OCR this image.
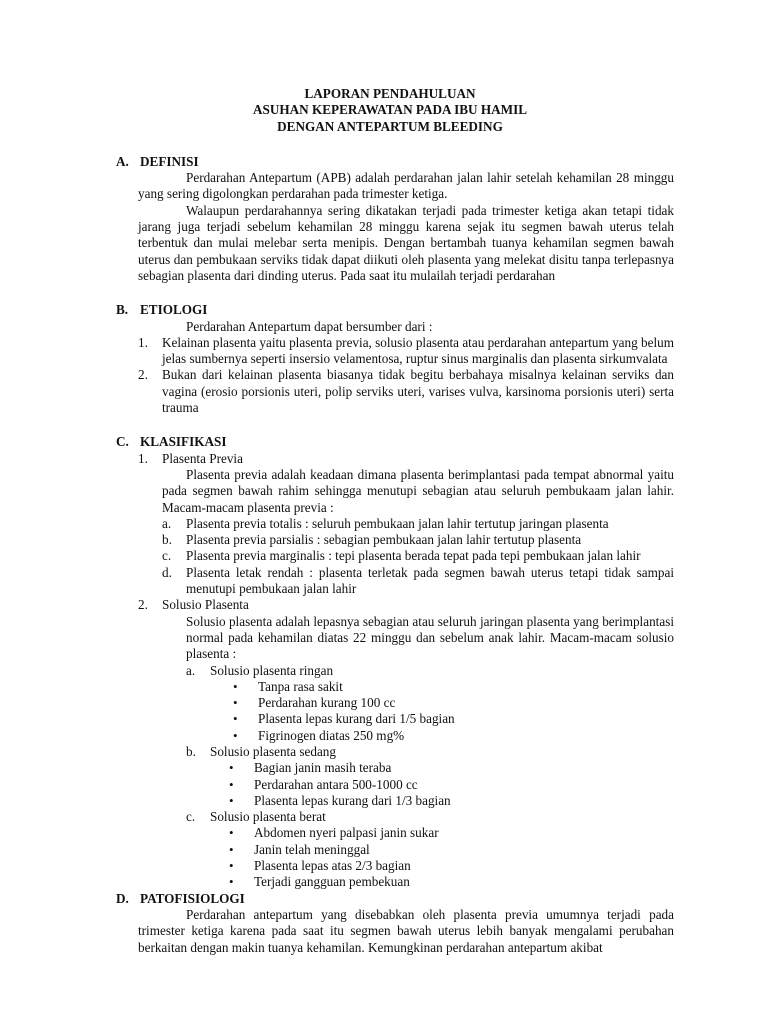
LAPORAN PENDAHULUAN
ASUHAN KEPERAWATAN PADA IBU HAMIL
DENGAN ANTEPARTUM BLEEDING
A. DEFINISI
Perdarahan Antepartum (APB) adalah perdarahan jalan lahir setelah kehamilan 28 minggu yang sering digolongkan perdarahan pada trimester ketiga.
Walaupun perdarahannya sering dikatakan terjadi pada trimester ketiga akan tetapi tidak jarang juga terjadi sebelum kehamilan 28 minggu karena sejak itu segmen bawah uterus telah terbentuk dan mulai melebar serta menipis. Dengan bertambah tuanya kehamilan segmen bawah uterus dan pembukaan serviks tidak dapat diikuti oleh plasenta yang melekat disitu tanpa terlepasnya sebagian plasenta dari dinding uterus. Pada saat itu mulailah terjadi perdarahan
B. ETIOLOGI
Perdarahan Antepartum dapat bersumber dari :
1. Kelainan plasenta yaitu plasenta previa, solusio plasenta atau perdarahan antepartum yang belum jelas sumbernya seperti insersio velamentosa, ruptur sinus marginalis dan plasenta sirkumvalata
2. Bukan dari kelainan plasenta biasanya tidak begitu berbahaya misalnya kelainan serviks dan vagina (erosio porsionis uteri, polip serviks uteri, varises vulva, karsinoma porsionis uteri) serta trauma
C. KLASIFIKASI
1. Plasenta Previa
Plasenta previa adalah keadaan dimana plasenta berimplantasi pada tempat abnormal yaitu pada segmen bawah rahim sehingga menutupi sebagian atau seluruh pembukaam jalan lahir. Macam-macam plasenta previa :
a. Plasenta previa totalis : seluruh pembukaan jalan lahir tertutup jaringan plasenta
b. Plasenta previa parsialis : sebagian pembukaan jalan lahir tertutup plasenta
c. Plasenta previa marginalis : tepi plasenta berada tepat pada tepi pembukaan jalan lahir
d. Plasenta letak rendah : plasenta terletak pada segmen bawah uterus tetapi tidak sampai menutupi pembukaan jalan lahir
2. Solusio Plasenta
Solusio plasenta adalah lepasnya sebagian atau seluruh jaringan plasenta yang berimplantasi normal pada kehamilan diatas 22 minggu dan sebelum anak lahir. Macam-macam solusio plasenta :
a. Solusio plasenta ringan
• Tanpa rasa sakit
• Perdarahan kurang 100 cc
• Plasenta lepas kurang dari 1/5 bagian
• Figrinogen diatas 250 mg%
b. Solusio plasenta sedang
• Bagian janin masih teraba
• Perdarahan antara 500-1000 cc
• Plasenta lepas kurang dari 1/3 bagian
c. Solusio plasenta berat
• Abdomen nyeri palpasi janin sukar
• Janin telah meninggal
• Plasenta lepas atas 2/3 bagian
• Terjadi gangguan pembekuan
D. PATOFISIOLOGI
Perdarahan antepartum yang disebabkan oleh plasenta previa umumnya terjadi pada trimester ketiga karena pada saat itu segmen bawah uterus lebih banyak mengalami perubahan berkaitan dengan makin tuanya kehamilan. Kemungkinan perdarahan antepartum akibat
